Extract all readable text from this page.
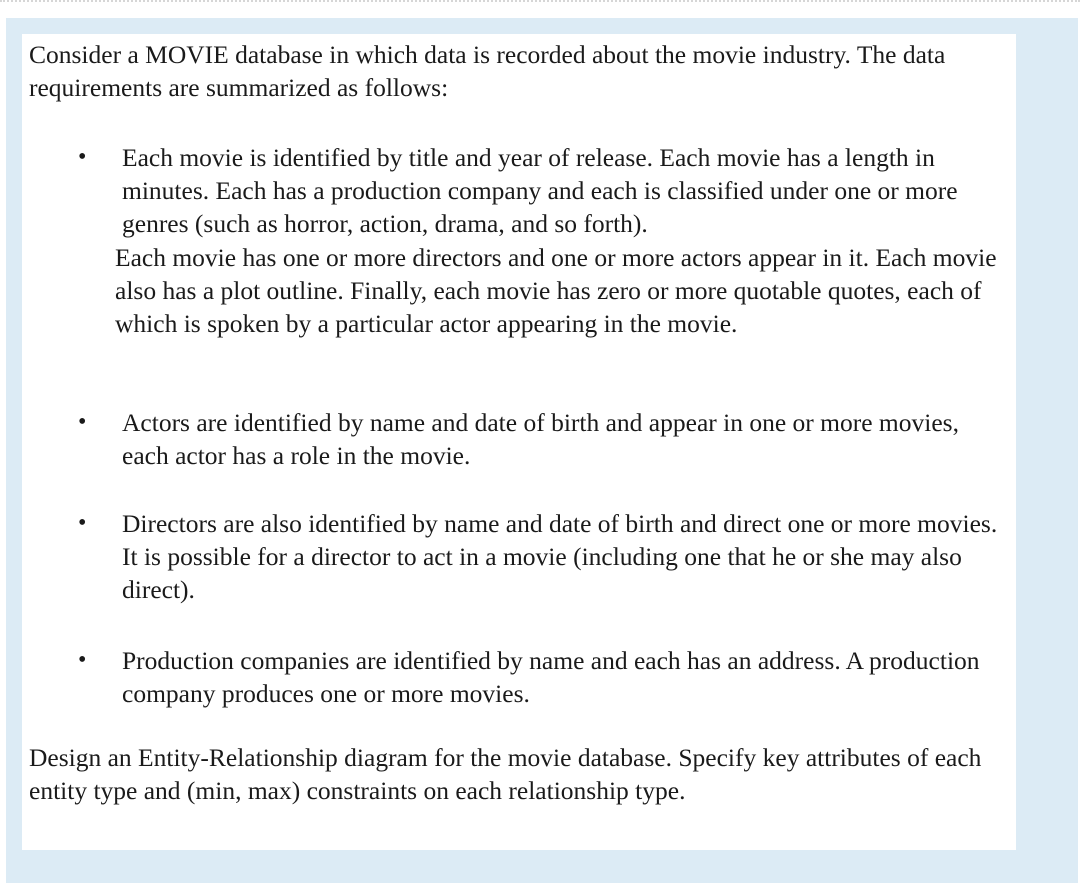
Consider a MOVIE database in which data is recorded about the movie industry. The data requirements are summarized as follows:

•	Each movie is identified by title and year of release. Each movie has a length in minutes. Each has a production company and each is classified under one or more genres (such as horror, action, drama, and so forth).

Each movie has one or more directors and one or more actors appear in it. Each movie also has a plot outline. Finally, each movie has zero or more quotable quotes, each of which is spoken by a particular actor appearing in the movie.

•	Actors are identified by name and date of birth and appear in one or more movies, each actor has a role in the movie.

•	Directors are also identified by name and date of birth and direct one or more movies. It is possible for a director to act in a movie (including one that he or she may also direct).

•	Production companies are identified by name and each has an address. A production company produces one or more movies.

Design an Entity-Relationship diagram for the movie database. Specify key attributes of each entity type and (min, max) constraints on each relationship type.
